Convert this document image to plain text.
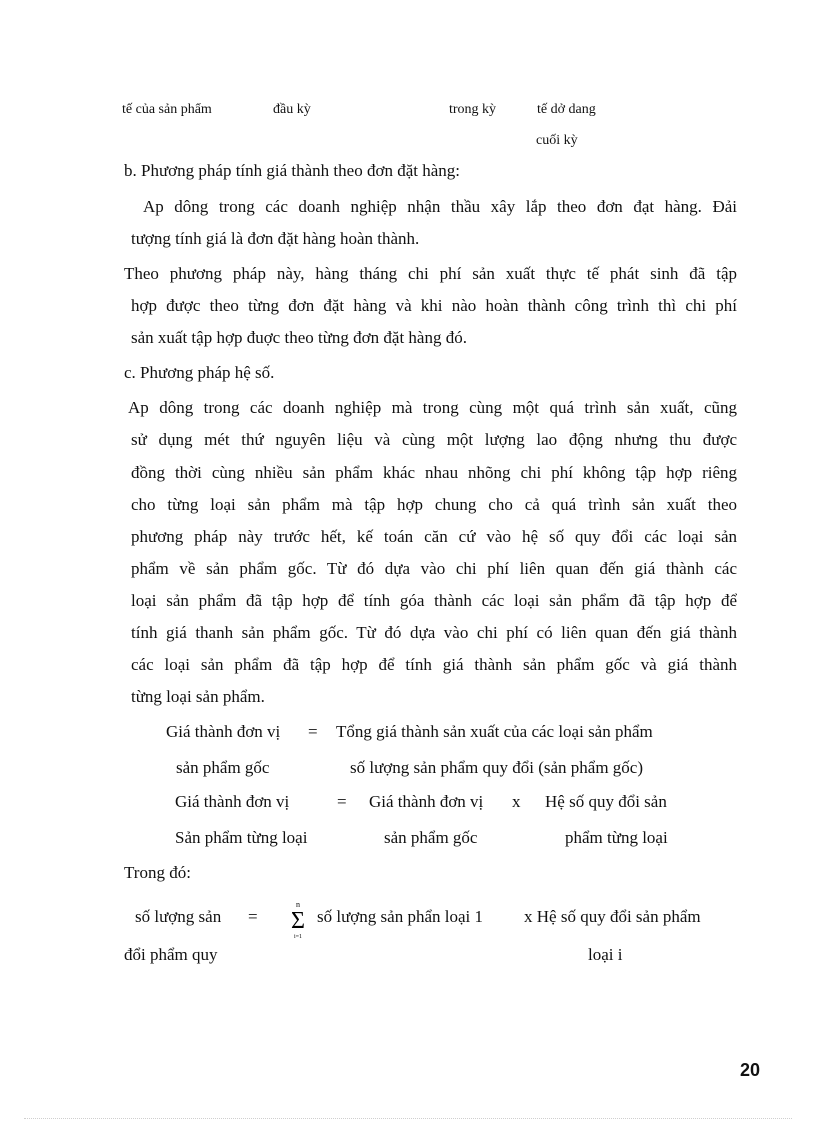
tế của sản phẩm	đầu kỳ	trong kỳ	tế dở dang
cuối kỳ
b. Phương pháp tính giá thành theo đơn đặt hàng:
Ap dông trong các doanh nghiệp nhận thầu xây lắp theo đơn đạt hàng. Đải
tượng tính giá là đơn đặt hàng hoàn thành.
Theo phương pháp này, hàng tháng chi phí sản xuất thực tế phát sinh đã tập
hợp được theo từng đơn đặt hàng và khi nào hoàn thành công trình thì chi phí
sản xuất tập hợp đuợc theo từng đơn đặt hàng đó.
c. Phương pháp hệ số.
Ap dông trong các doanh nghiệp mà trong cùng một quá trình sản xuất, cũng
sử dụng mét thứ nguyên liệu và cùng một lượng lao động nhưng thu được
đồng thời cùng nhiều sản phẩm khác nhau nhõng chi phí không tập hợp riêng
cho từng loại sản phẩm mà tập hợp chung cho cả quá trình sản xuất theo
phương pháp này trước hết, kế toán căn cứ vào hệ số quy đổi các loại sản
phẩm về sản phẩm gốc. Từ đó dựa vào chi phí liên quan đến giá thành các
loại sản phẩm đã tập hợp để tính góa thành các loại sản phẩm đã tập hợp để
tính giá thanh sản phẩm gốc. Từ đó dựa vào chi phí có liên quan đến giá thành
các loại sản phẩm đã tập hợp để tính giá thành sản phẩm gốc và giá thành
từng loại sản phẩm.
Giá thành đơn vị = Tổng giá thành sản xuất của các loại sản phẩm
sản phẩm gốc	số lượng sản phẩm quy đổi (sản phẩm gốc)
Giá thành đơn vị	= Giá thành đơn vị x Hệ số quy đổi sản
Sản phẩm từng loại	sản phẩm gốc	phẩm từng loại
Trong đó:
số lượng sản =
n
Σ
i=1
số lượng sản phẩn loại 1 x Hệ số quy đổi sản phẩm
đổi phẩm quy	loại i
20
